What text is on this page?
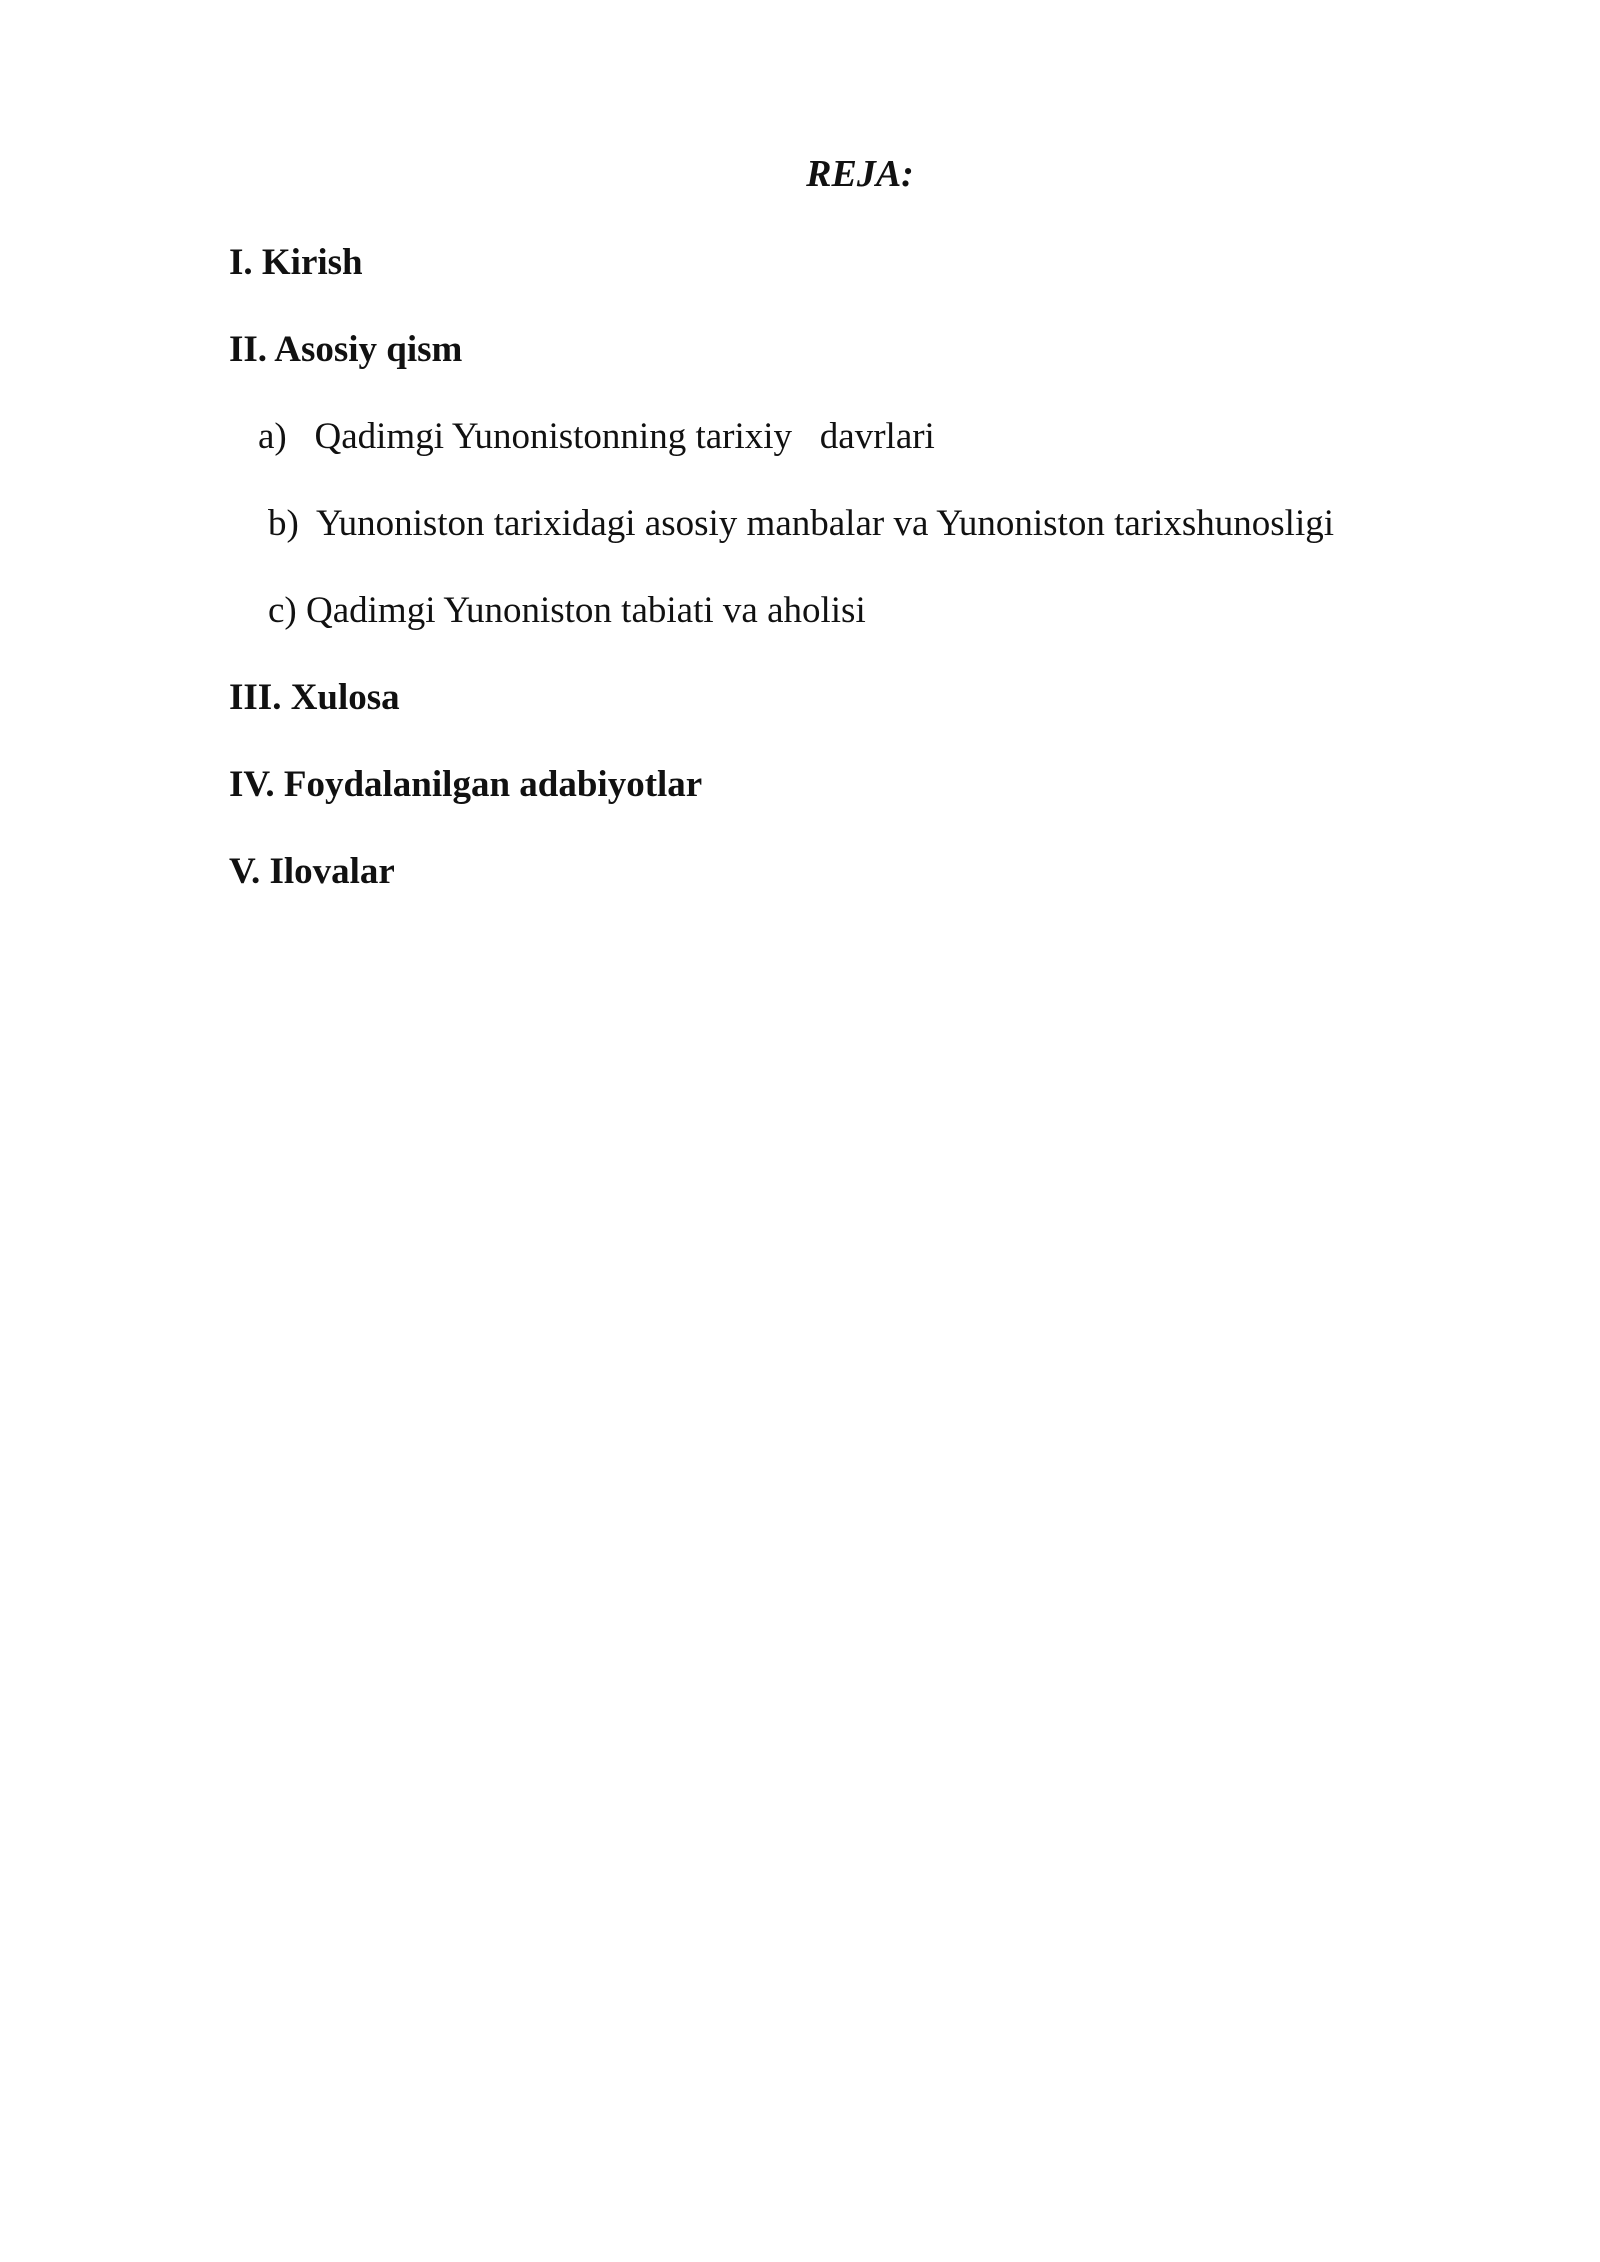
REJA:
I. Kirish
II. Asosiy qism
a)   Qadimgi Yunonistonning tarixiy   davrlari
b)  Yunoniston tarixidagi asosiy manbalar va Yunoniston tarixshunosligi
c) Qadimgi Yunoniston tabiati va aholisi
III. Xulosa
IV. Foydalanilgan adabiyotlar
V. Ilovalar
